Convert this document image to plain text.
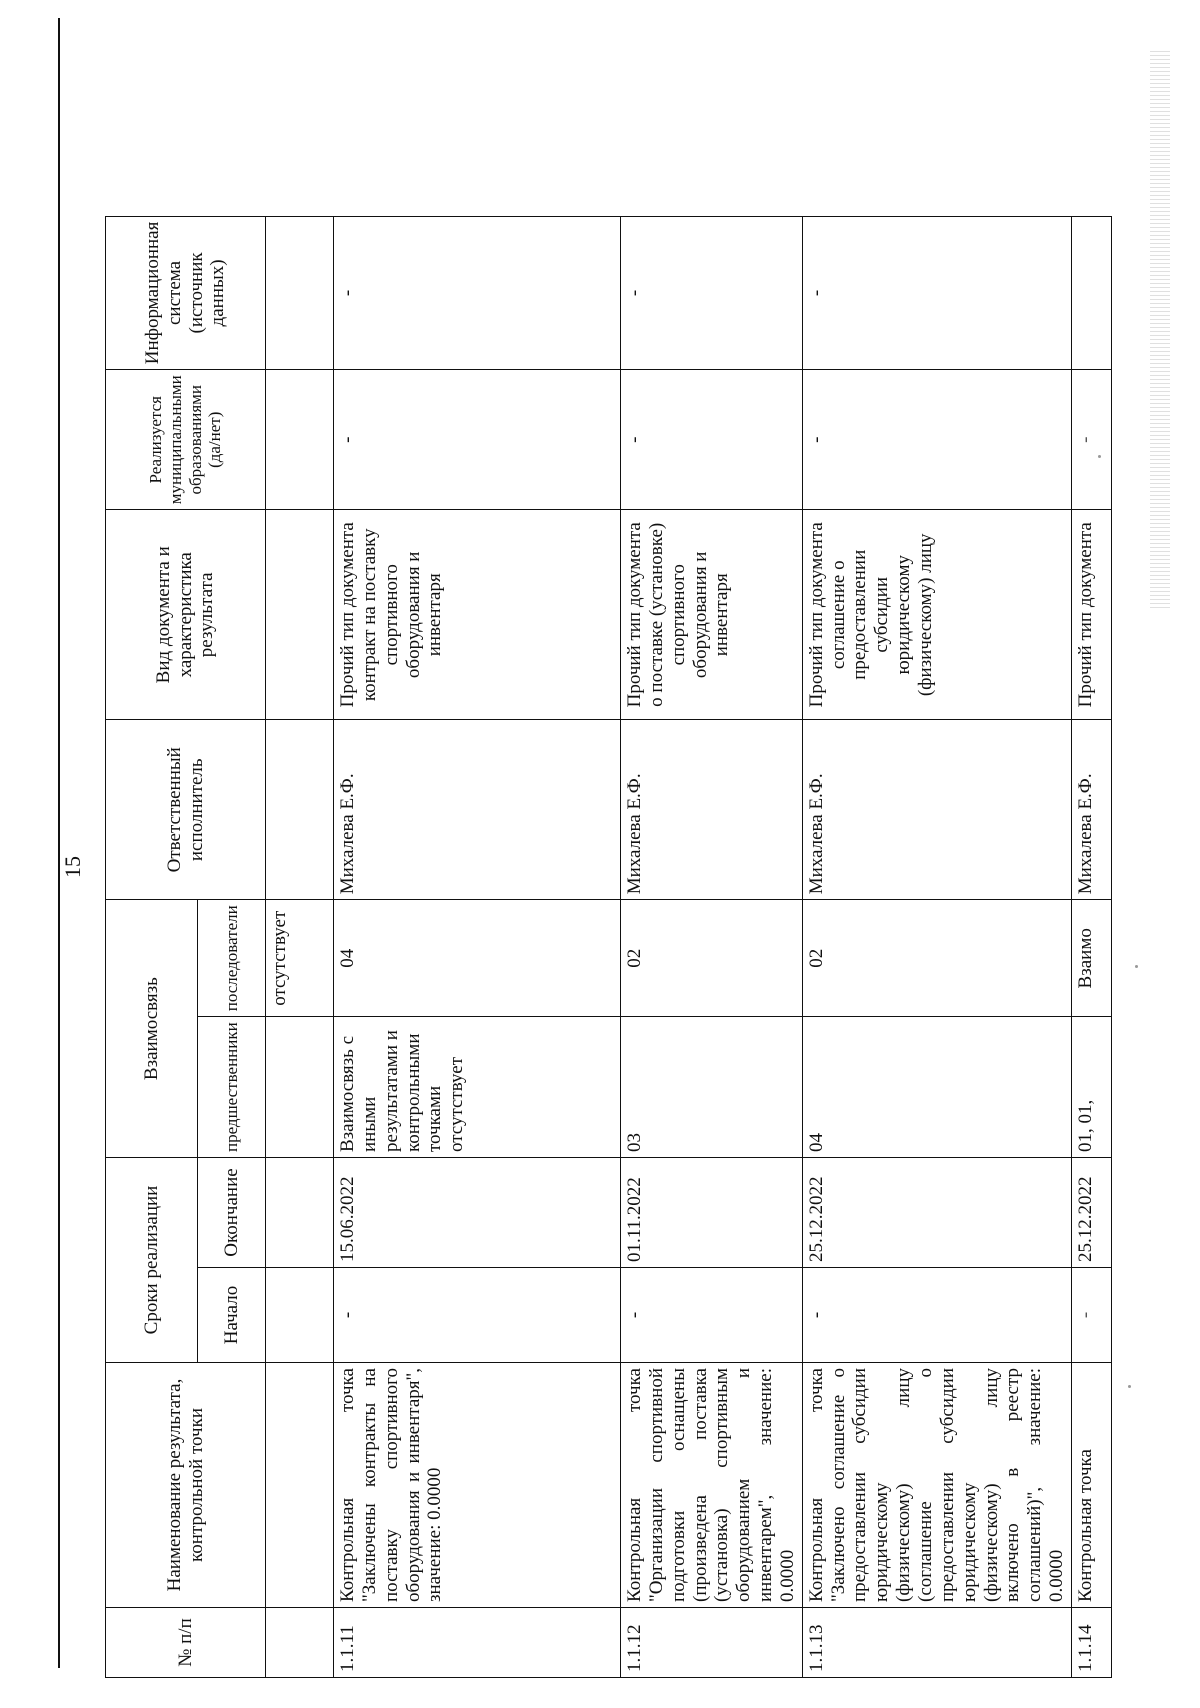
15
№ п/п	Наименование результата, контрольной точки	Сроки реализации		Взаимосвязь		Ответственный исполнитель	Вид документа и характеристика результата	Реализуется муниципальными образованиями (да/нет)	Информационная система (источник данных)
		Начало	Окончание	предшественники	последователи				
					отсутствует				
1.1.11	Контрольная точка "Заключены контракты на поставку спортивного оборудования и инвентаря", значение: 0.0000	-	15.06.2022	Взаимосвязь с иными результатами и контрольными точками отсутствует	04	Михалева Е.Ф.	Прочий тип документа контракт на поставку спортивного оборудования и инвентаря	-	-
1.1.12	Контрольная точка "Организации спортивной подготовки оснащены (произведена поставка (установка) спортивным оборудованием и инвентарем", значение: 0.0000	-	01.11.2022	03	02	Михалева Е.Ф.	Прочий тип документа о поставке (установке) спортивного оборудования и инвентаря	-	-
1.1.13	Контрольная точка "Заключено соглашение о предоставлении субсидии юридическому (физическому) лицу (соглашение о предоставлении субсидии юридическому (физическому) лицу включено в реестр соглашений)", значение: 0.0000	-	25.12.2022	04	02	Михалева Е.Ф.	Прочий тип документа соглашение о предоставлении субсидии юридическому (физическому) лицу	-	-
1.1.14	Контрольная точка	-	25.12.2022	01, 01,	Взаимо	Михалева Е.Ф.	Прочий тип документа	-	
